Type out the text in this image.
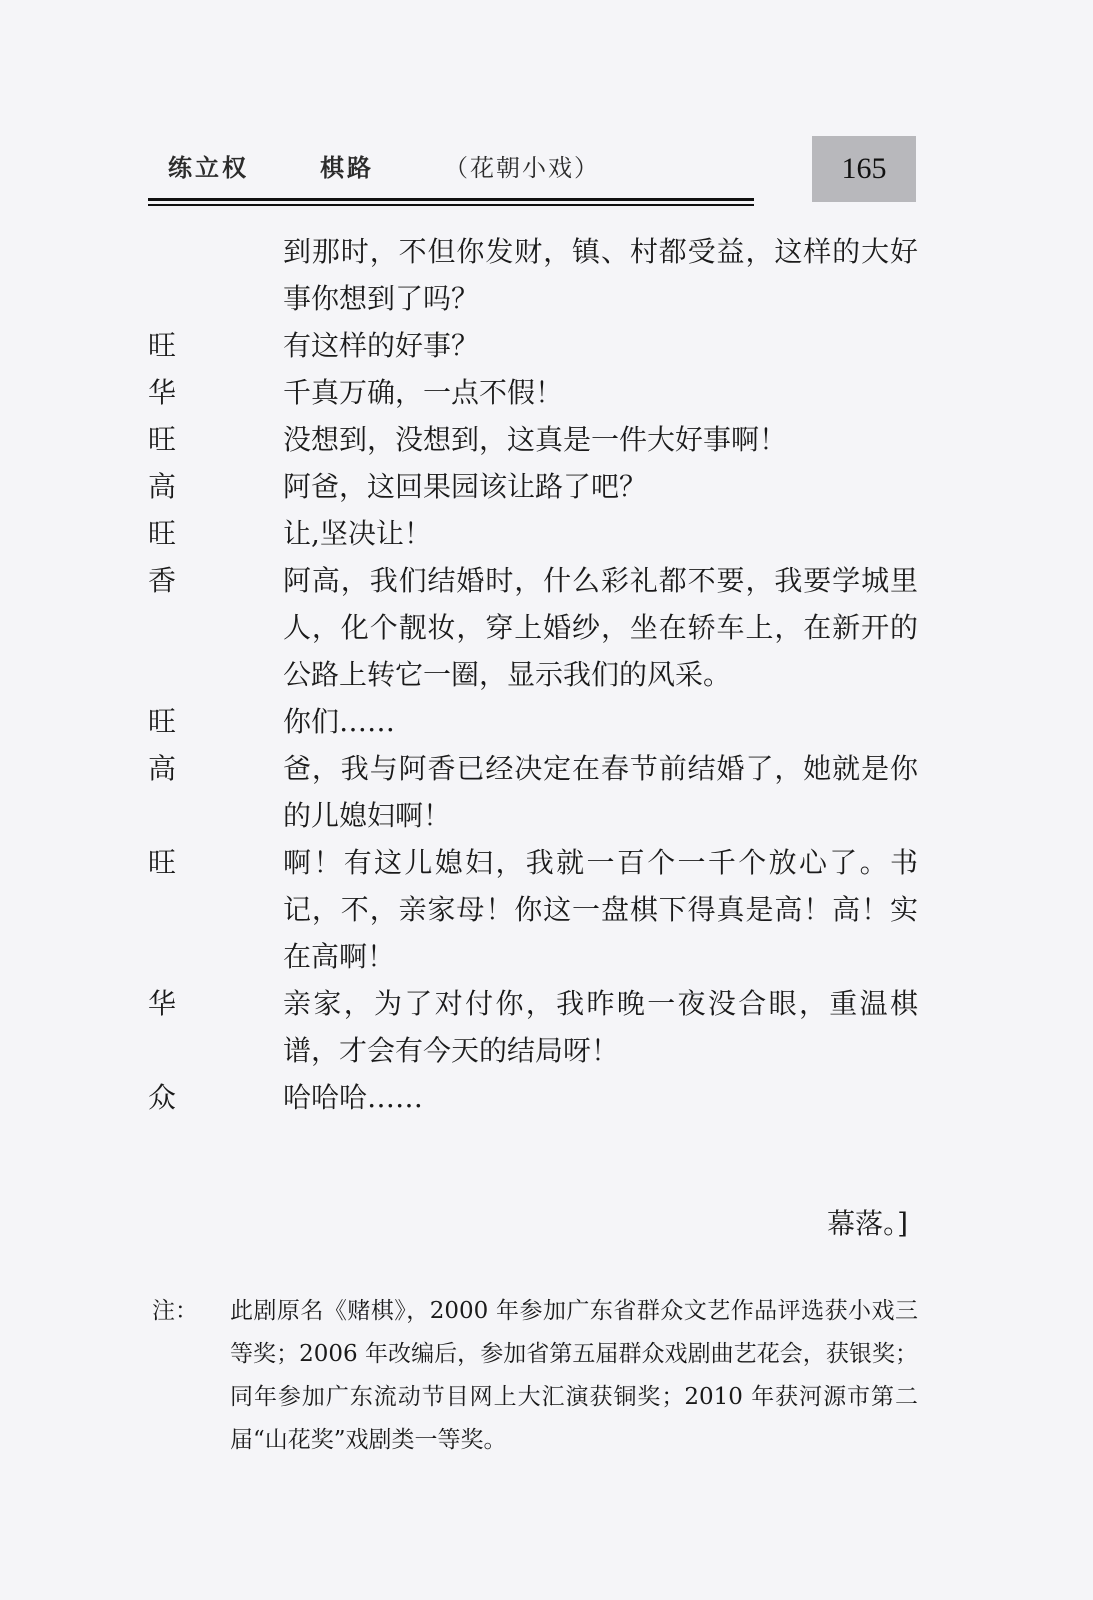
练立权	棋路	（花朝小戏）	165
到那时，不但你发财，镇、村都受益，这样的大好事你想到了吗？
旺	有这样的好事？
华	千真万确，一点不假！
旺	没想到，没想到，这真是一件大好事啊！
高	阿爸，这回果园该让路了吧？
旺	让,坚决让！
香	阿高，我们结婚时，什么彩礼都不要，我要学城里人，化个靓妆，穿上婚纱，坐在轿车上，在新开的公路上转它一圈，显示我们的风采。
旺	你们……
高	爸，我与阿香已经决定在春节前结婚了，她就是你的儿媳妇啊！
旺	啊！有这儿媳妇，我就一百个一千个放心了。书记，不，亲家母！你这一盘棋下得真是高！高！实在高啊！
华	亲家，为了对付你，我昨晚一夜没合眼，重温棋谱，才会有今天的结局呀！
众	哈哈哈……
幕落。]
注：	此剧原名《赌棋》，2000 年参加广东省群众文艺作品评选获小戏三等奖；2006 年改编后，参加省第五届群众戏剧曲艺花会，获银奖；同年参加广东流动节目网上大汇演获铜奖；2010 年获河源市第二届“山花奖”戏剧类一等奖。
